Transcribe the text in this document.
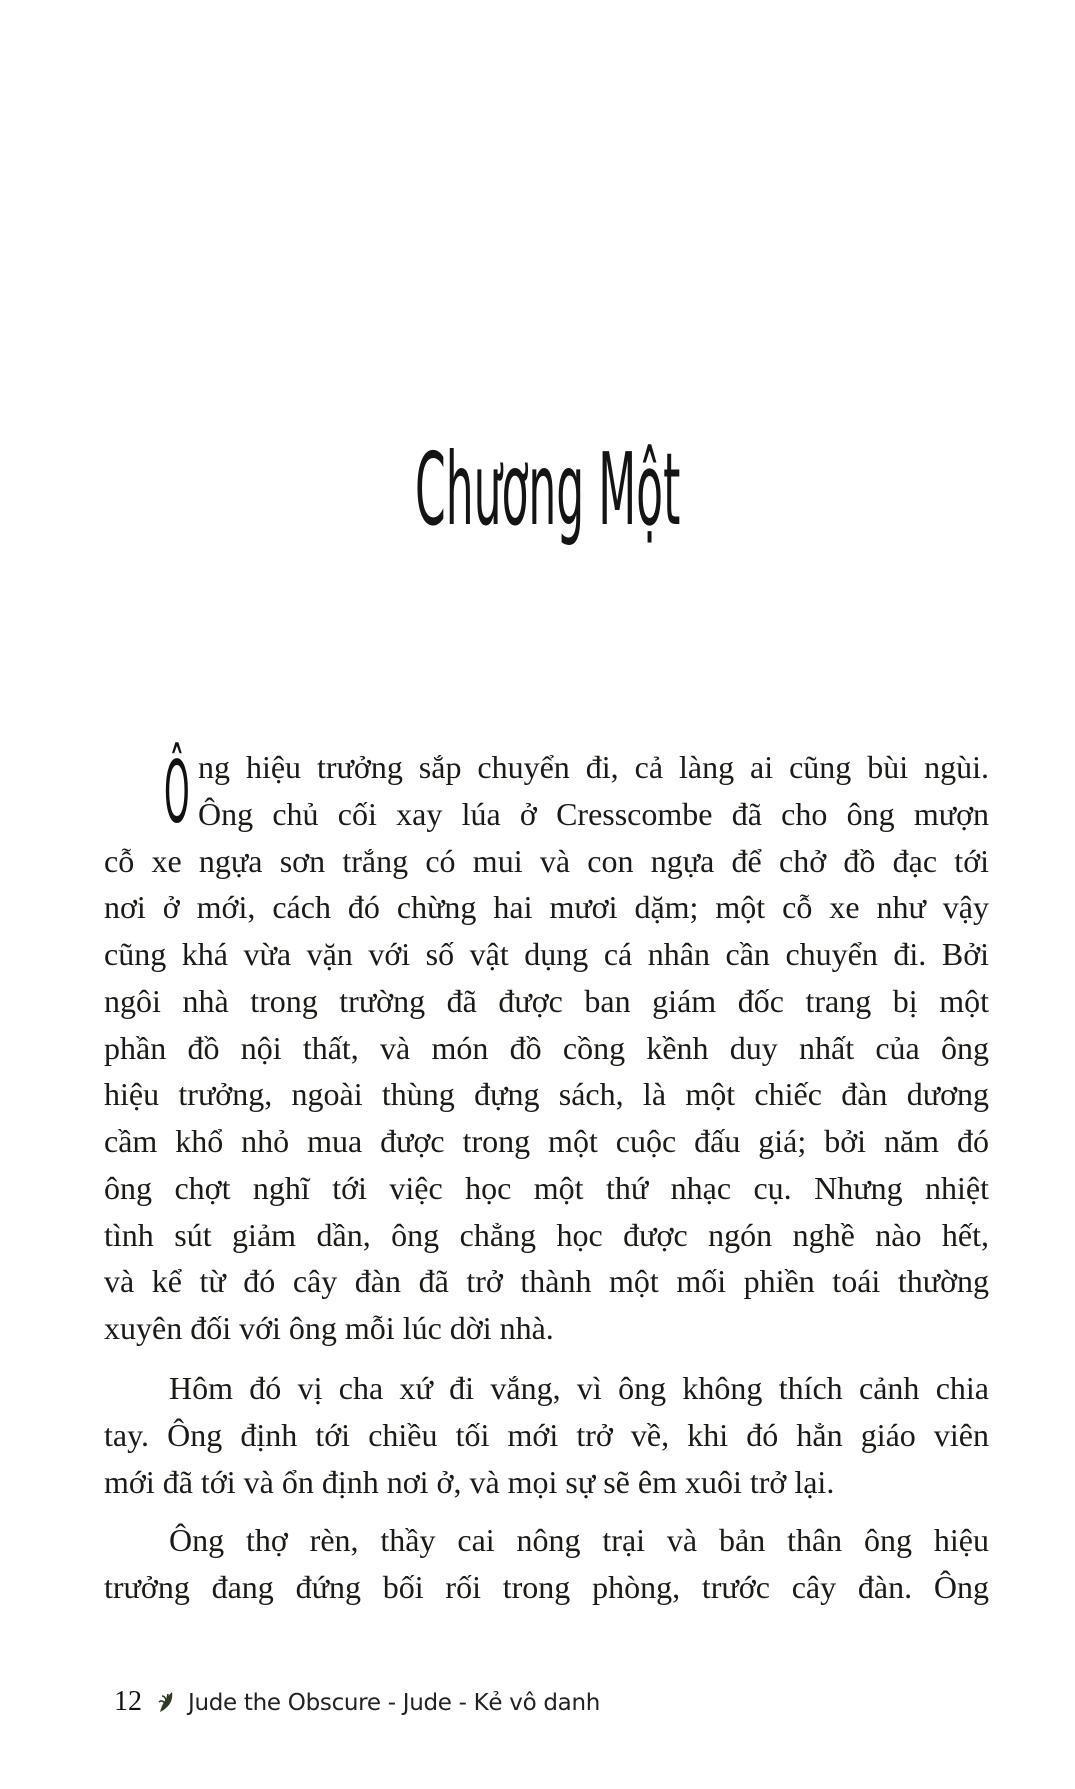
Chương Một
Ô ng hiệu trưởng sắp chuyển đi, cả làng ai cũng bùi ngùi.
Ông chủ cối xay lúa ở Cresscombe đã cho ông mượn
cỗ xe ngựa sơn trắng có mui và con ngựa để chở đồ đạc tới
nơi ở mới, cách đó chừng hai mươi dặm; một cỗ xe như vậy
cũng khá vừa vặn với số vật dụng cá nhân cần chuyển đi. Bởi
ngôi nhà trong trường đã được ban giám đốc trang bị một
phần đồ nội thất, và món đồ cồng kềnh duy nhất của ông
hiệu trưởng, ngoài thùng đựng sách, là một chiếc đàn dương
cầm khổ nhỏ mua được trong một cuộc đấu giá; bởi năm đó
ông chợt nghĩ tới việc học một thứ nhạc cụ. Nhưng nhiệt
tình sút giảm dần, ông chẳng học được ngón nghề nào hết,
và kể từ đó cây đàn đã trở thành một mối phiền toái thường
xuyên đối với ông mỗi lúc dời nhà.
Hôm đó vị cha xứ đi vắng, vì ông không thích cảnh chia
tay. Ông định tới chiều tối mới trở về, khi đó hẳn giáo viên
mới đã tới và ổn định nơi ở, và mọi sự sẽ êm xuôi trở lại.
Ông thợ rèn, thầy cai nông trại và bản thân ông hiệu
trưởng đang đứng bối rối trong phòng, trước cây đàn. Ông
12 Jude the Obscure - Jude - Kẻ vô danh
